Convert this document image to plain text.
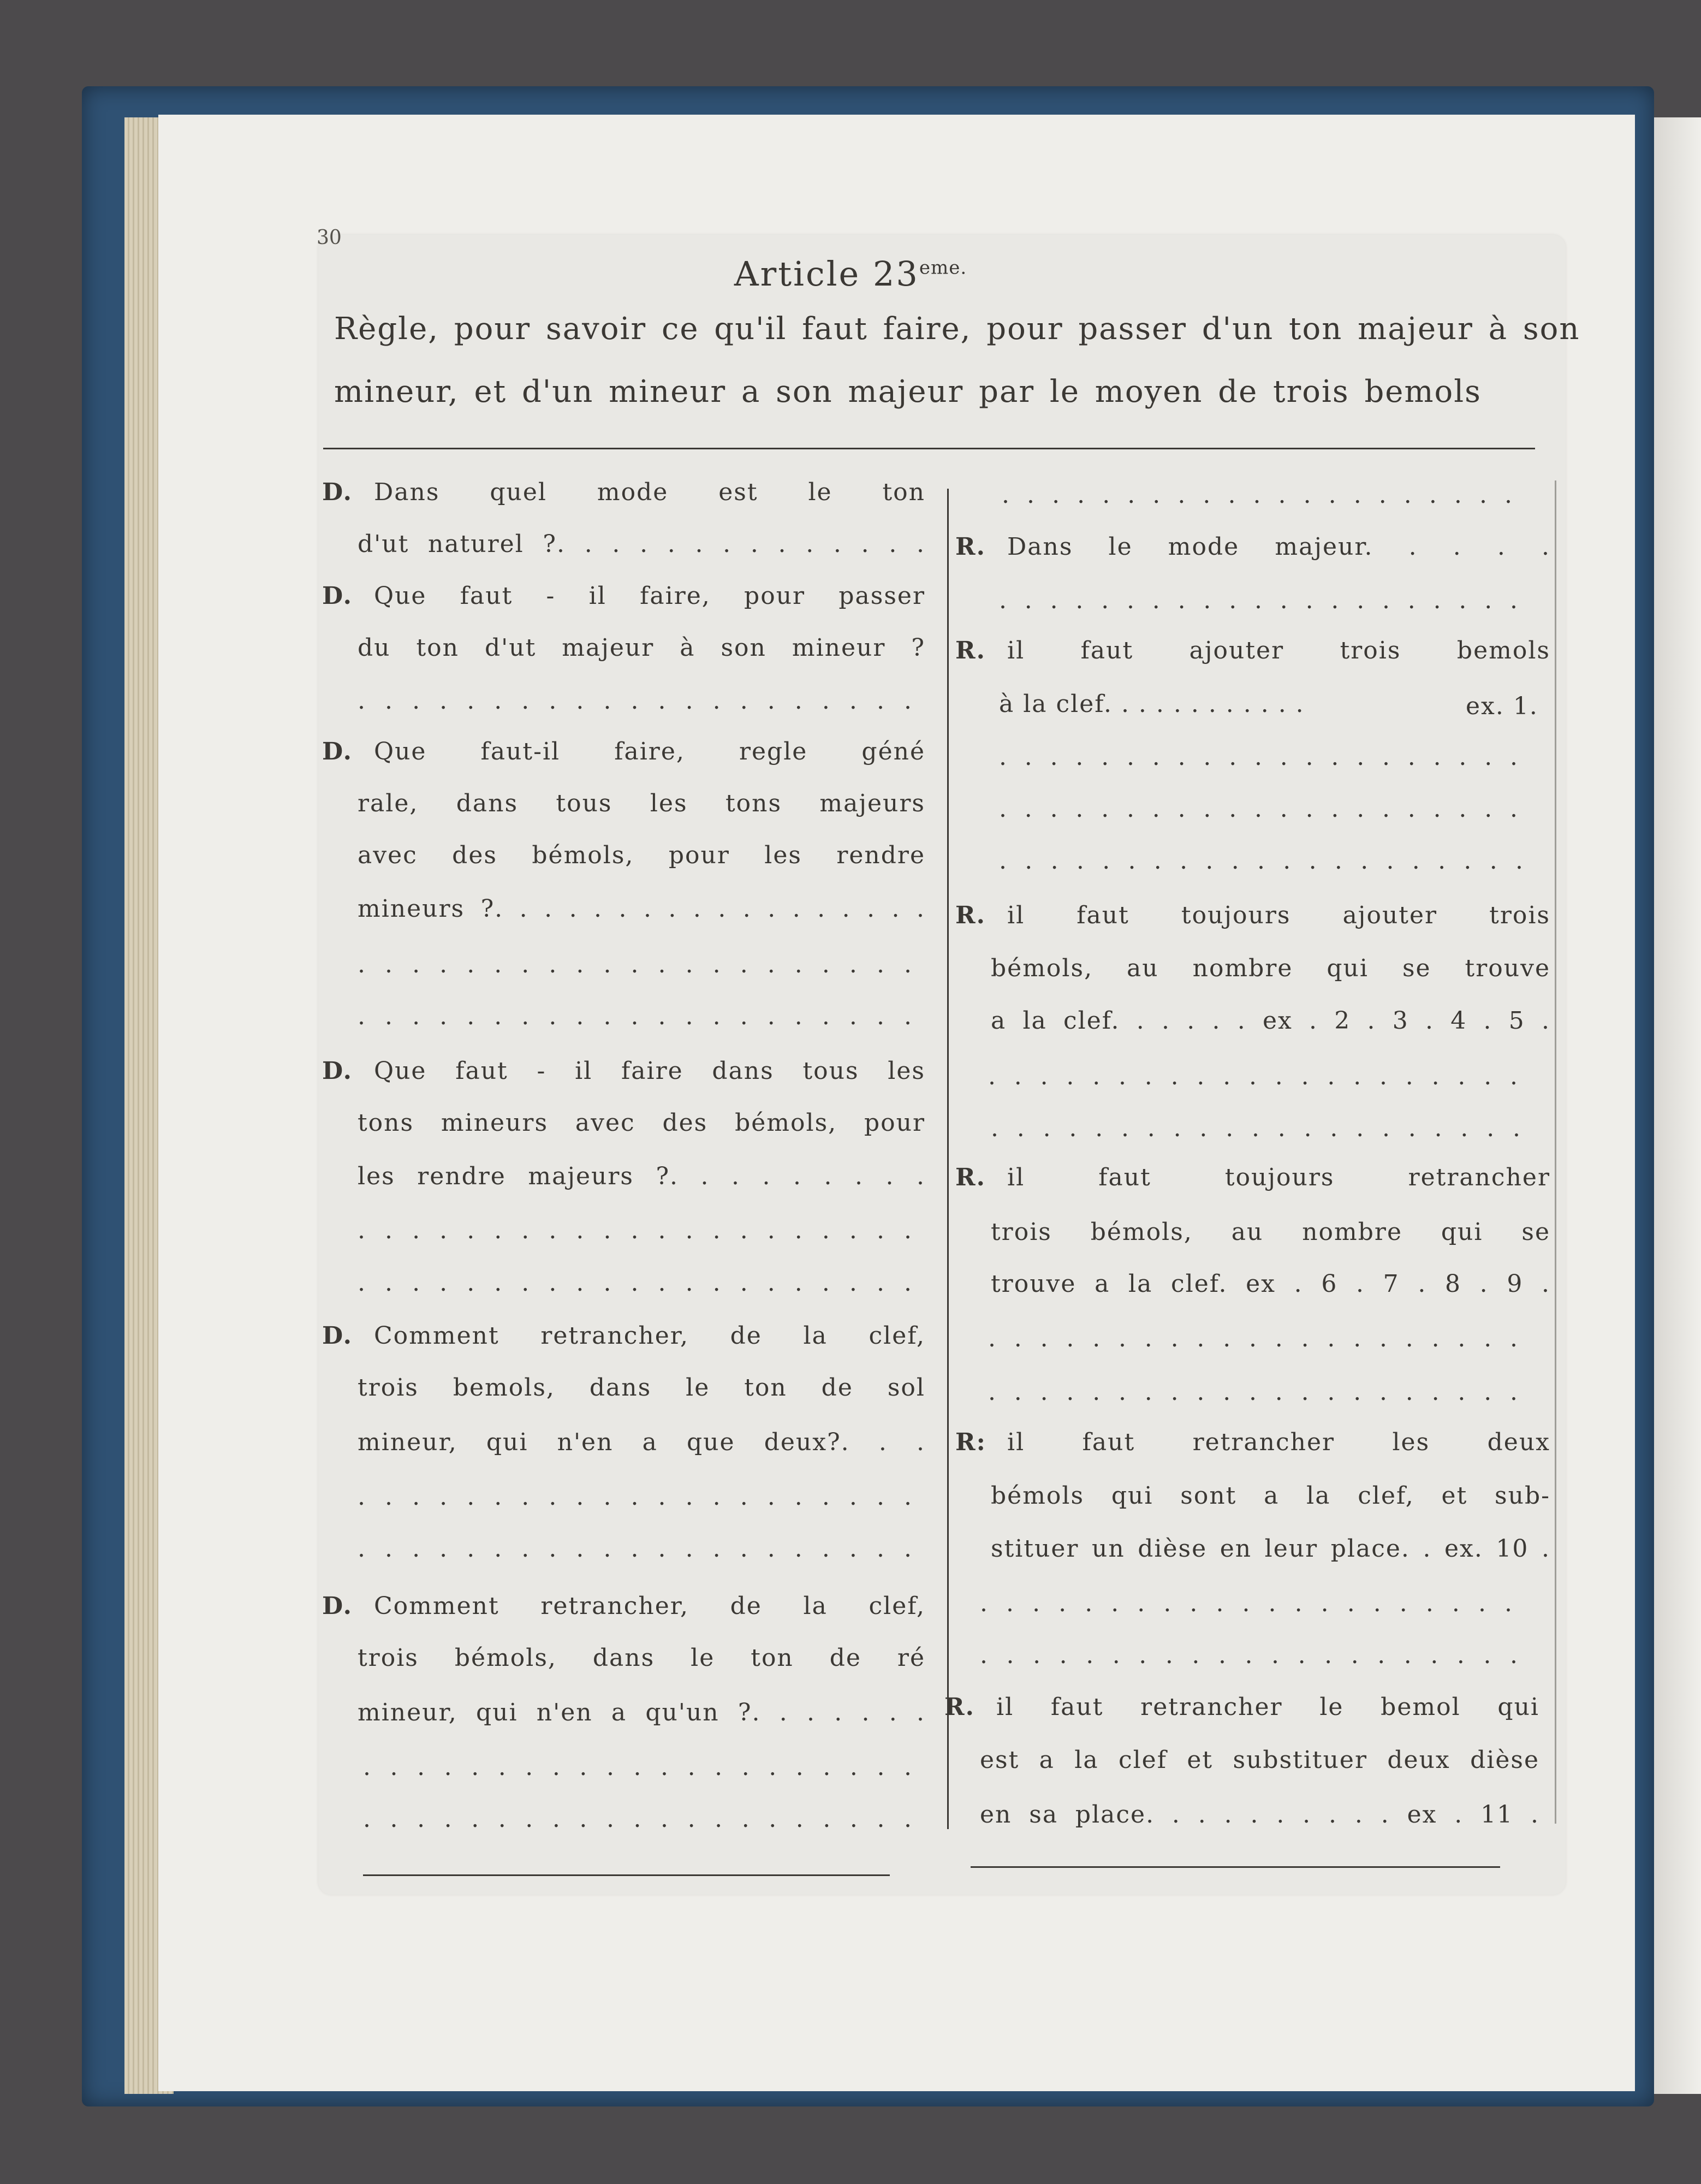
30
Article $23^{eme.}$
Règle, pour savoir ce qu'il faut faire, pour passer d'un ton majeur à son
mineur, et d'un mineur a son majeur par le moyen de trois bemols
D. Dans quel mode est le ton
d'ut naturel ?. . . . . . . . . . . . . .
D. Que faut - il faire, pour passer
du ton d'ut majeur à son mineur ?
. . . . . . . . . . . . . . . . . . . . .
D. Que faut-il faire, regle géné
rale, dans tous les tons majeurs
avec des bémols, pour les rendre
mineurs ?. . . . . . . . . . . . . . . . . .
. . . . . . . . . . . . . . . . . . . . .
. . . . . . . . . . . . . . . . . . . . .
D. Que faut - il faire dans tous les
tons mineurs avec des bémols, pour
les rendre majeurs ?. . . . . . . . .
. . . . . . . . . . . . . . . . . . . . .
. . . . . . . . . . . . . . . . . . . . .
D. Comment retrancher, de la clef,
trois bemols, dans le ton de sol
mineur, qui n'en a que deux?. . .
. . . . . . . . . . . . . . . . . . . . .
. . . . . . . . . . . . . . . . . . . . .
D. Comment retrancher, de la clef,
trois bémols, dans le ton de ré
mineur, qui n'en a qu'un ?. . . . . . .
. . . . . . . . . . . . . . . . . . . . .
. . . . . . . . . . . . . . . . . . . . .
. . . . . . . . . . . . . . . . . . . . .
R. Dans le mode majeur. . . . .
. . . . . . . . . . . . . . . . . . . . .
R. il faut ajouter trois bemols
à la clef. . . . . . . . . . . .	ex. 1.
. . . . . . . . . . . . . . . . . . . . .
. . . . . . . . . . . . . . . . . . . . .
. . . . . . . . . . . . . . . . . . . . .
R. il faut toujours ajouter trois
bémols, au nombre qui se trouve
a la clef. . . . . . ex . 2 . 3 . 4 . 5 .
. . . . . . . . . . . . . . . . . . . . .
. . . . . . . . . . . . . . . . . . . . .
R. il faut toujours retrancher
trois bémols, au nombre qui se
trouve a la clef. ex . 6 . 7 . 8 . 9 .
. . . . . . . . . . . . . . . . . . . . .
. . . . . . . . . . . . . . . . . . . . .
R: il faut retrancher les deux
bémols qui sont a la clef, et sub-
stituer un dièse en leur place. . ex. 10 .
. . . . . . . . . . . . . . . . . . . . .
. . . . . . . . . . . . . . . . . . . . .
R. il faut retrancher le bemol qui
est a la clef et substituer deux dièse
en sa place. . . . . . . . . . ex . 11 .
